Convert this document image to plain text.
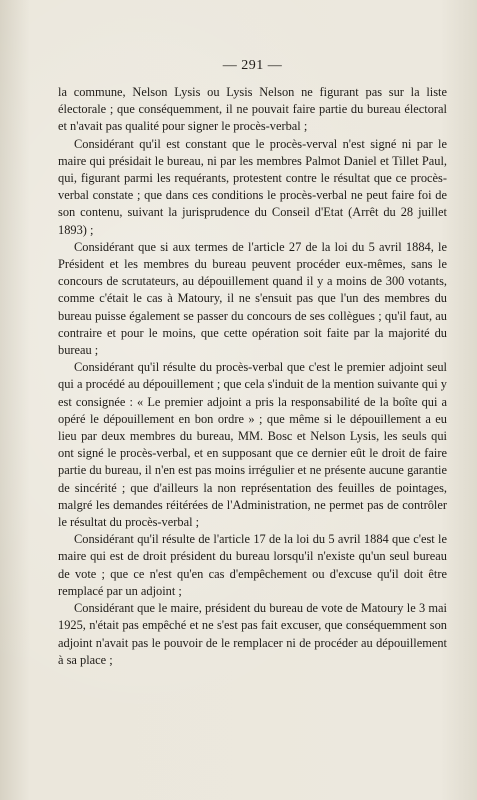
— 291 —

la commune, Nelson Lysis ou Lysis Nelson ne figurant pas sur la liste électorale ; que conséquemment, il ne pouvait faire partie du bureau électoral et n'avait pas qualité pour signer le procès-verbal ;

Considérant qu'il est constant que le procès-verval n'est signé ni par le maire qui présidait le bureau, ni par les membres Palmot Daniel et Tillet Paul, qui, figurant parmi les requérants, protestent contre le résultat que ce procès-verbal constate ; que dans ces conditions le procès-verbal ne peut faire foi de son contenu, suivant la jurisprudence du Conseil d'Etat (Arrêt du 28 juillet 1893) ;

Considérant que si aux termes de l'article 27 de la loi du 5 avril 1884, le Président et les membres du bureau peuvent procéder eux-mêmes, sans le concours de scrutateurs, au dépouillement quand il y a moins de 300 votants, comme c'était le cas à Matoury, il ne s'ensuit pas que l'un des membres du bureau puisse également se passer du concours de ses collègues ; qu'il faut, au contraire et pour le moins, que cette opération soit faite par la majorité du bureau ;

Considérant qu'il résulte du procès-verbal que c'est le premier adjoint seul qui a procédé au dépouillement ; que cela s'induit de la mention suivante qui y est consignée : « Le premier adjoint a pris la responsabilité de la boîte qui a opéré le dépouillement en bon ordre » ; que même si le dépouillement a eu lieu par deux membres du bureau, MM. Bosc et Nelson Lysis, les seuls qui ont signé le procès-verbal, et en supposant que ce dernier eût le droit de faire partie du bureau, il n'en est pas moins irrégulier et ne présente aucune garantie de sincérité ; que d'ailleurs la non représentation des feuilles de pointages, malgré les demandes réitérées de l'Administration, ne permet pas de contrôler le résultat du procès-verbal ;

Considérant qu'il résulte de l'article 17 de la loi du 5 avril 1884 que c'est le maire qui est de droit président du bureau lorsqu'il n'existe qu'un seul bureau de vote ; que ce n'est qu'en cas d'empêchement ou d'excuse qu'il doit être remplacé par un adjoint ;

Considérant que le maire, président du bureau de vote de Matoury le 3 mai 1925, n'était pas empêché et ne s'est pas fait excuser, que conséquemment son adjoint n'avait pas le pouvoir de le remplacer ni de procéder au dépouillement à sa place ;
